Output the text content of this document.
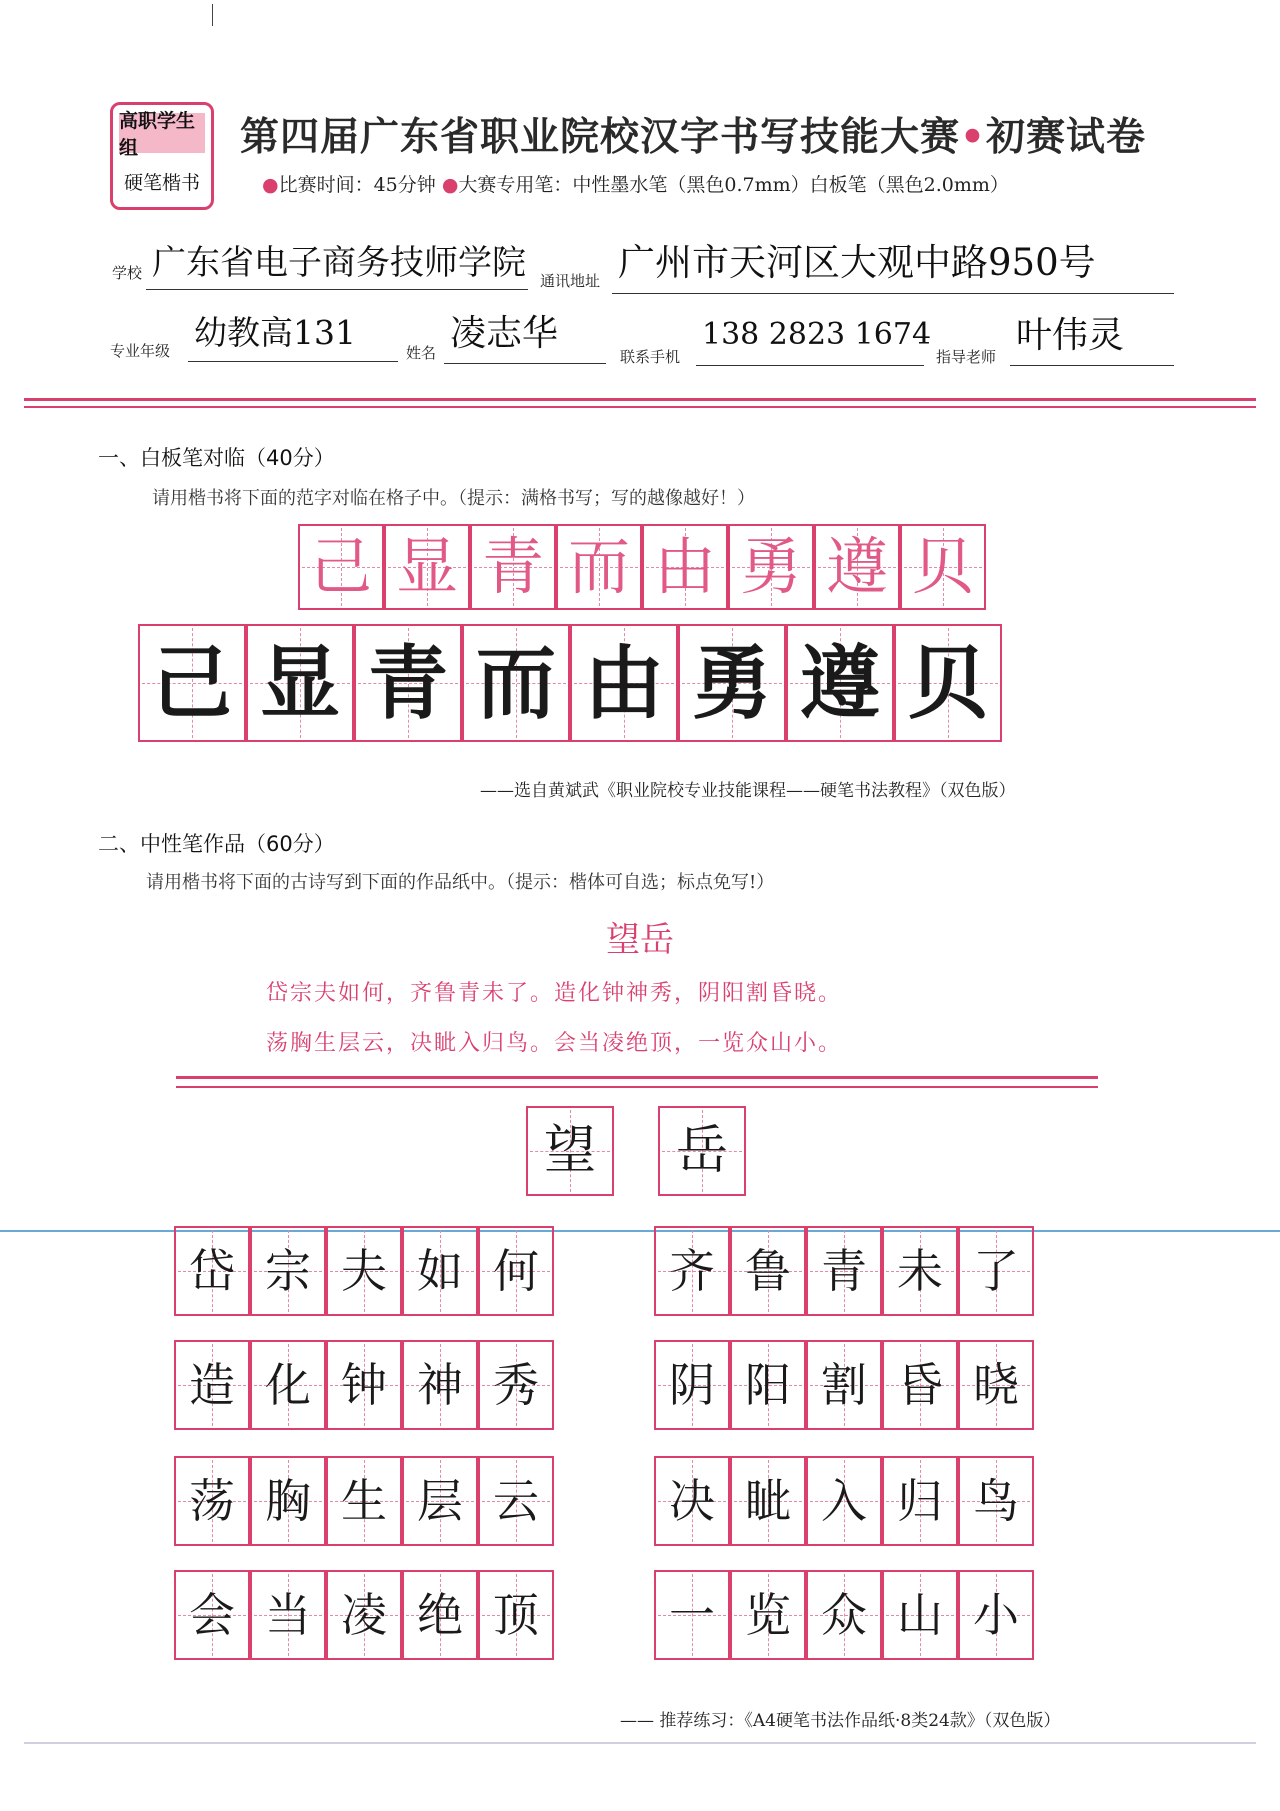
高职学生组
硬笔楷书
第四届广东省职业院校汉字书写技能大赛•初赛试卷
●比赛时间：45分钟 ●大赛专用笔：中性墨水笔（黑色0.7mm）白板笔（黑色2.0mm）
学校 广东省电子商务技师学院 通讯地址 广州市天河区大观中路950号
专业年级 幼教高131
姓名 凌志华
联系手机
138 2823 1674
指导老师
叶伟灵
一、白板笔对临（40分）
请用楷书将下面的范字对临在格子中。（提示：满格书写；写的越像越好！）
己 显 青 而 由 勇 遵 贝
己 显 青 而 由 勇 遵 贝
——选自黄斌武《职业院校专业技能课程——硬笔书法教程》（双色版）
二、中性笔作品（60分）
请用楷书将下面的古诗写到下面的作品纸中。（提示：楷体可自选；标点免写!）
望岳
岱宗夫如何，齐鲁青未了。造化钟神秀，阴阳割昏晓。
荡胸生层云，决眦入归鸟。会当凌绝顶，一览众山小。
望 岳
岱 宗 夫 如 何	齐 鲁 青 未 了
造 化 钟 神 秀	阴 阳 割 昏 晓
荡 胸 生 层 云	决 眦 入 归 鸟
会 当 凌 绝 顶	一 览 众 山 小
—— 推荐练习：《A4硬笔书法作品纸·8类24款》（双色版）
